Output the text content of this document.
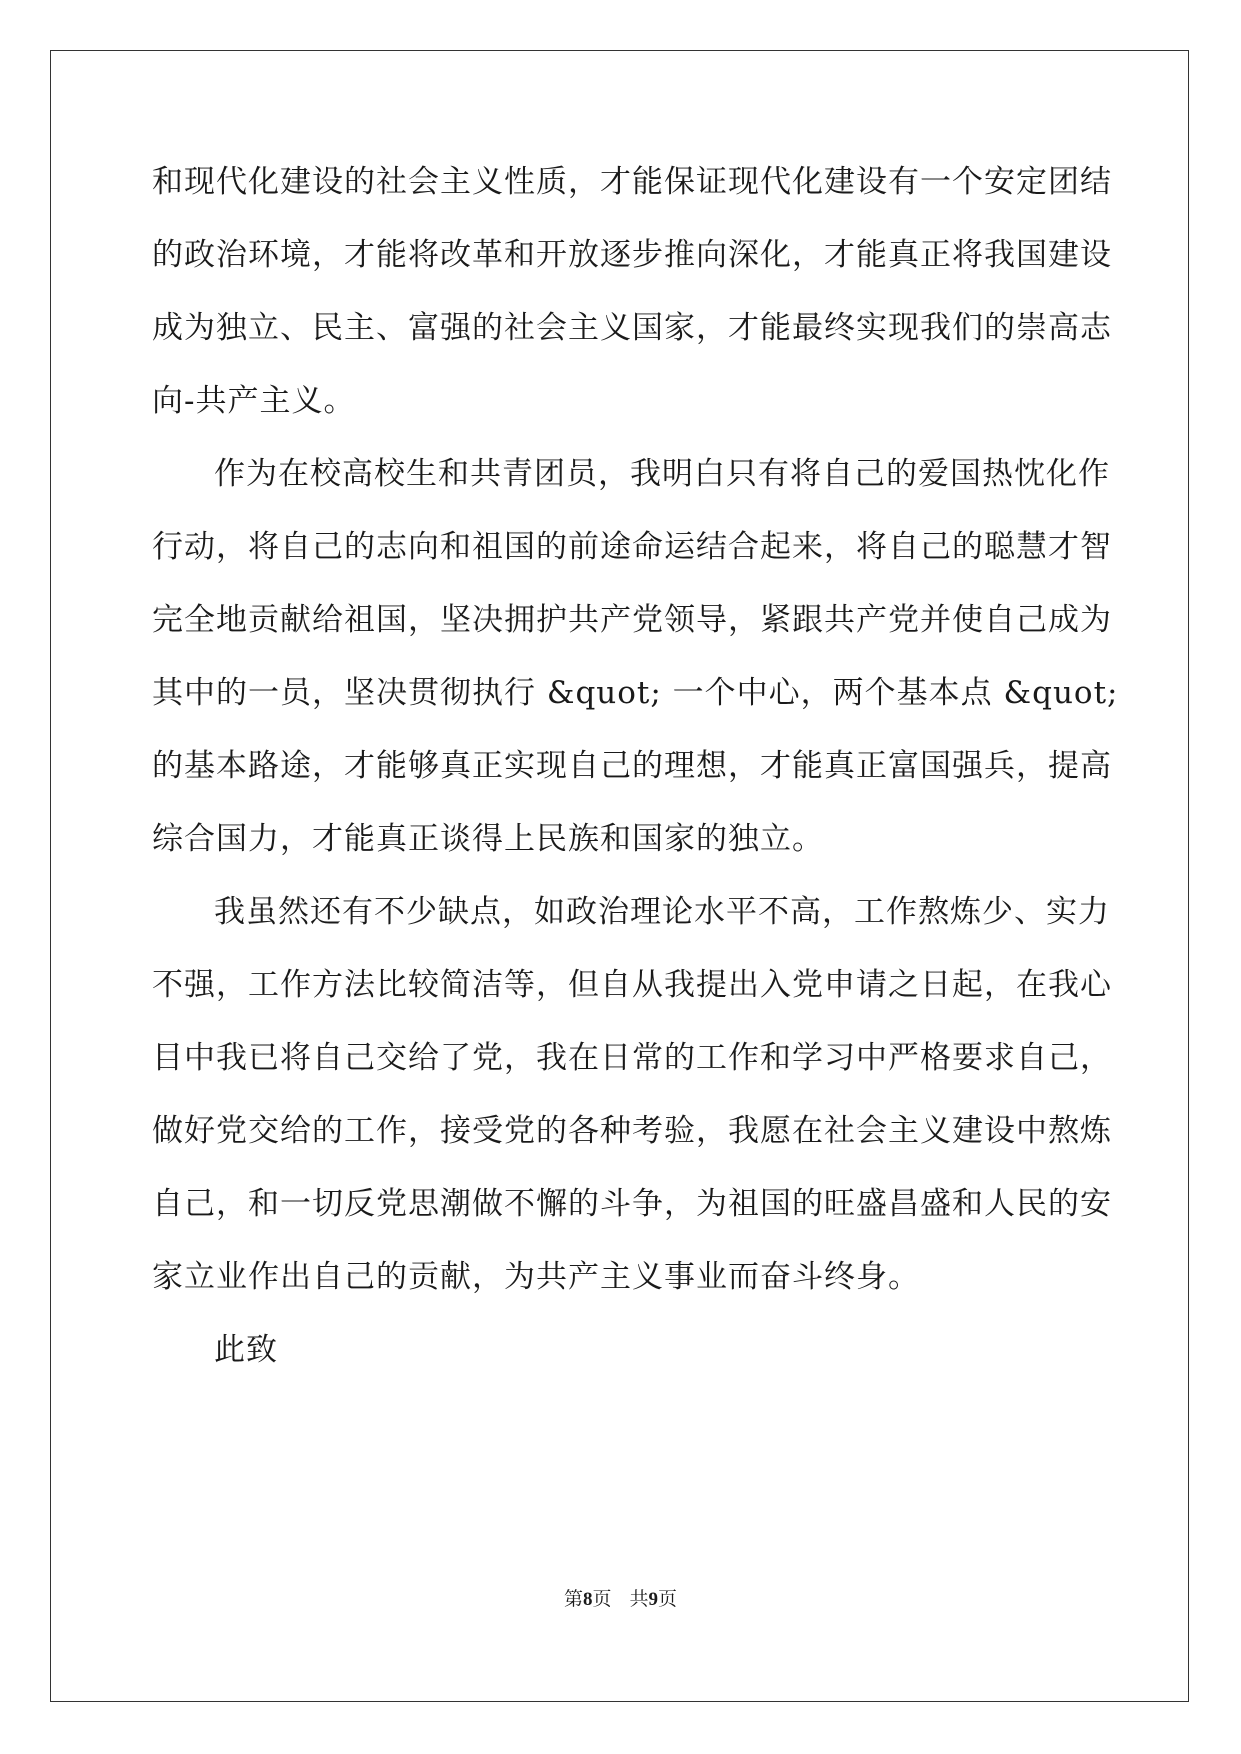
和现代化建设的社会主义性质，才能保证现代化建设有一个安定团结
的政治环境，才能将改革和开放逐步推向深化，才能真正将我国建设
成为独立、民主、富强的社会主义国家，才能最终实现我们的崇高志
向-共产主义。
作为在校高校生和共青团员，我明白只有将自己的爱国热忱化作
行动，将自己的志向和祖国的前途命运结合起来，将自己的聪慧才智
完全地贡献给祖国，坚决拥护共产党领导，紧跟共产党并使自己成为
其中的一员，坚决贯彻执行 &quot; 一个中心，两个基本点 &quot;
的基本路途，才能够真正实现自己的理想，才能真正富国强兵，提高
综合国力，才能真正谈得上民族和国家的独立。
我虽然还有不少缺点，如政治理论水平不高，工作熬炼少、实力
不强，工作方法比较简洁等，但自从我提出入党申请之日起，在我心
目中我已将自己交给了党，我在日常的工作和学习中严格要求自己，
做好党交给的工作，接受党的各种考验，我愿在社会主义建设中熬炼
自己，和一切反党思潮做不懈的斗争，为祖国的旺盛昌盛和人民的安
家立业作出自己的贡献，为共产主义事业而奋斗终身。
此致
第8页 共9页
